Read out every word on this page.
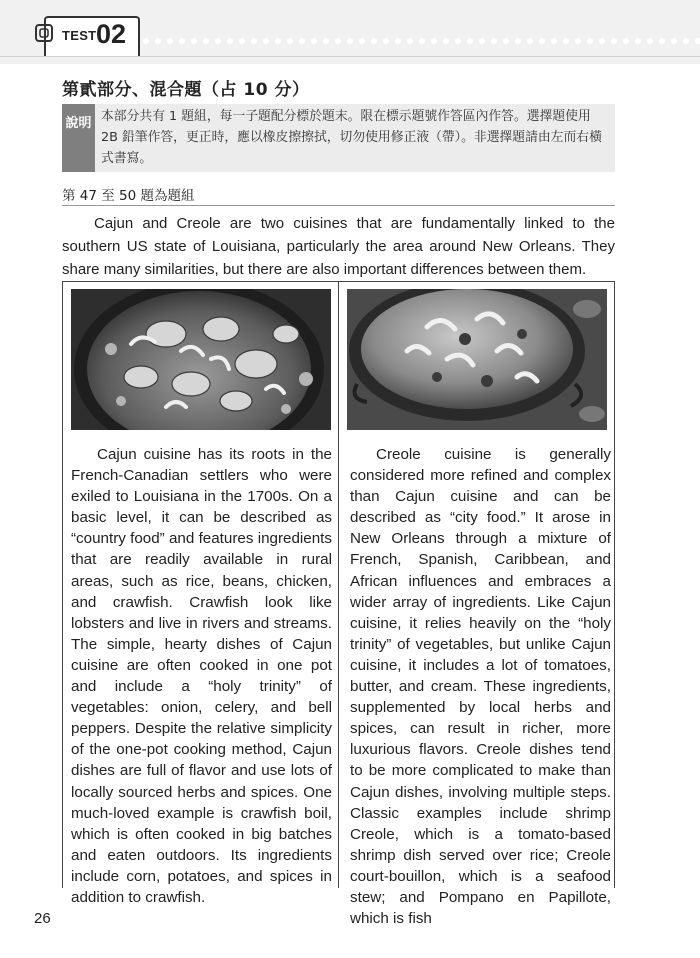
TEST 02
第貳部分、混合題（占 10 分）
說明 本部分共有 1 題組，每一子題配分標於題末。限在標示題號作答區內作答。選擇題使用 2B 鉛筆作答，更正時，應以橡皮擦擦拭，切勿使用修正液（帶）。非選擇題請由左而右橫式書寫。
第 47 至 50 題為題組
Cajun and Creole are two cuisines that are fundamentally linked to the southern US state of Louisiana, particularly the area around New Orleans. They share many similarities, but there are also important differences between them.
Cajun cuisine has its roots in the French-Canadian settlers who were exiled to Louisiana in the 1700s. On a basic level, it can be described as “country food” and features ingredients that are readily available in rural areas, such as rice, beans, chicken, and crawfish. Crawfish look like lobsters and live in rivers and streams. The simple, hearty dishes of Cajun cuisine are often cooked in one pot and include a “holy trinity” of vegetables: onion, celery, and bell peppers. Despite the relative simplicity of the one-pot cooking method, Cajun dishes are full of flavor and use lots of locally sourced herbs and spices. One much-loved example is crawfish boil, which is often cooked in big batches and eaten outdoors. Its ingredients include corn, potatoes, and spices in addition to crawfish.
Creole cuisine is generally considered more refined and complex than Cajun cuisine and can be described as “city food.” It arose in New Orleans through a mixture of French, Spanish, Caribbean, and African influences and embraces a wider array of ingredients. Like Cajun cuisine, it relies heavily on the “holy trinity” of vegetables, but unlike Cajun cuisine, it includes a lot of tomatoes, butter, and cream. These ingredients, supplemented by local herbs and spices, can result in richer, more luxurious flavors. Creole dishes tend to be more complicated to make than Cajun dishes, involving multiple steps. Classic examples include shrimp Creole, which is a tomato-based shrimp dish served over rice; Creole court-bouillon, which is a seafood stew; and Pompano en Papillote, which is fish
26
